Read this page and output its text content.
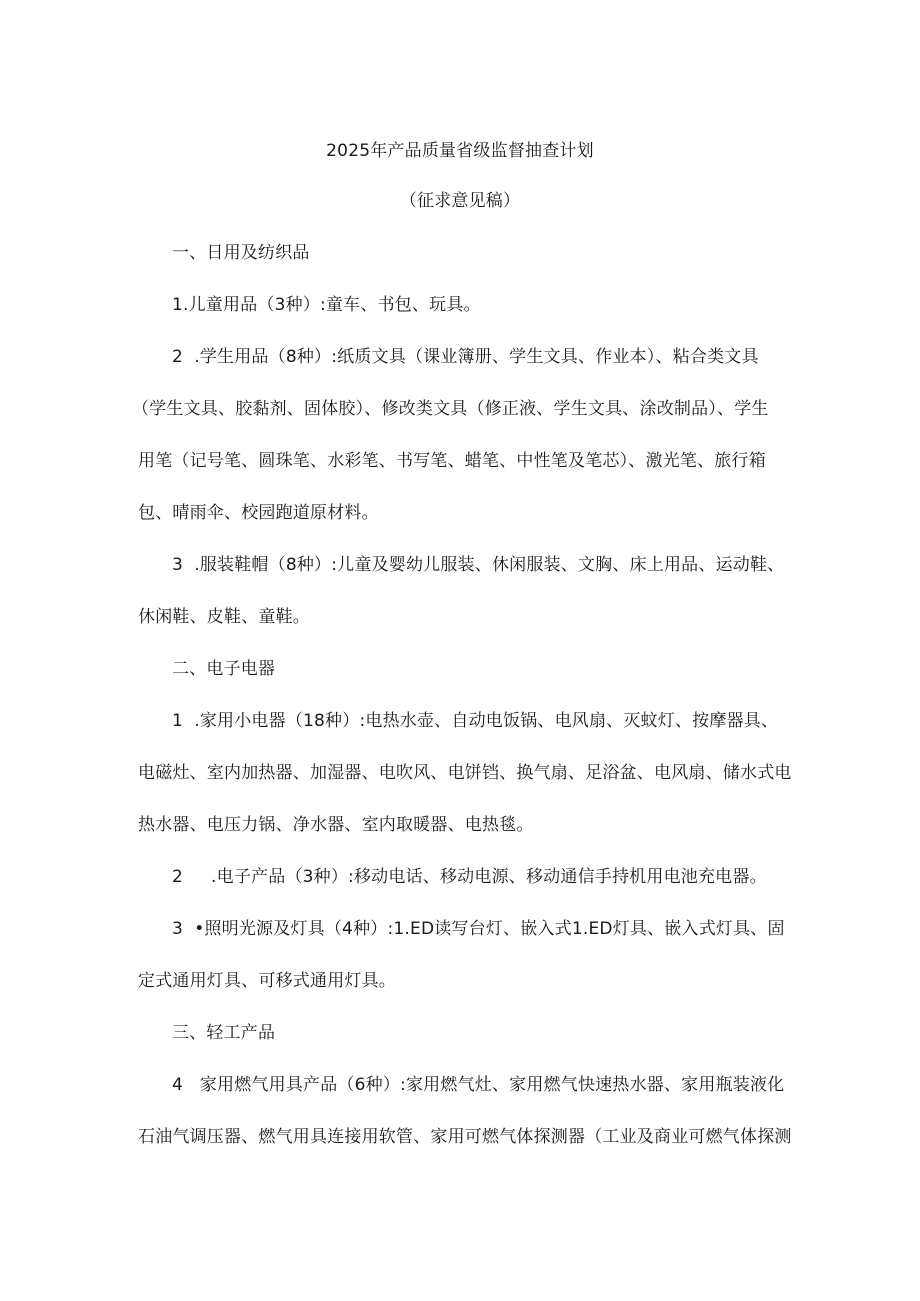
2025年产品质量省级监督抽查计划
（征求意见稿）
一、日用及纺织品
1.儿童用品（3种）:童车、书包、玩具。
2  .学生用品（8种）:纸质文具（课业簿册、学生文具、作业本）、粘合类文具
（学生文具、胶黏剂、固体胶）、修改类文具（修正液、学生文具、涂改制品）、学生
用笔（记号笔、圆珠笔、水彩笔、书写笔、蜡笔、中性笔及笔芯）、激光笔、旅行箱
包、晴雨伞、校园跑道原材料。
3  .服装鞋帽（8种）:儿童及婴幼儿服装、休闲服装、文胸、床上用品、运动鞋、
休闲鞋、皮鞋、童鞋。
二、电子电器
1  .家用小电器（18种）:电热水壶、自动电饭锅、电风扇、灭蚊灯、按摩器具、
电磁灶、室内加热器、加湿器、电吹风、电饼铛、换气扇、足浴盆、电风扇、储水式电
热水器、电压力锅、净水器、室内取暖器、电热毯。
2     .电子产品（3种）:移动电话、移动电源、移动通信手持机用电池充电器。
3  •照明光源及灯具（4种）:1.ED读写台灯、嵌入式1.ED灯具、嵌入式灯具、固
定式通用灯具、可移式通用灯具。
三、轻工产品
4   家用燃气用具产品（6种）:家用燃气灶、家用燃气快速热水器、家用瓶装液化
石油气调压器、燃气用具连接用软管、家用可燃气体探测器（工业及商业可燃气体探测
